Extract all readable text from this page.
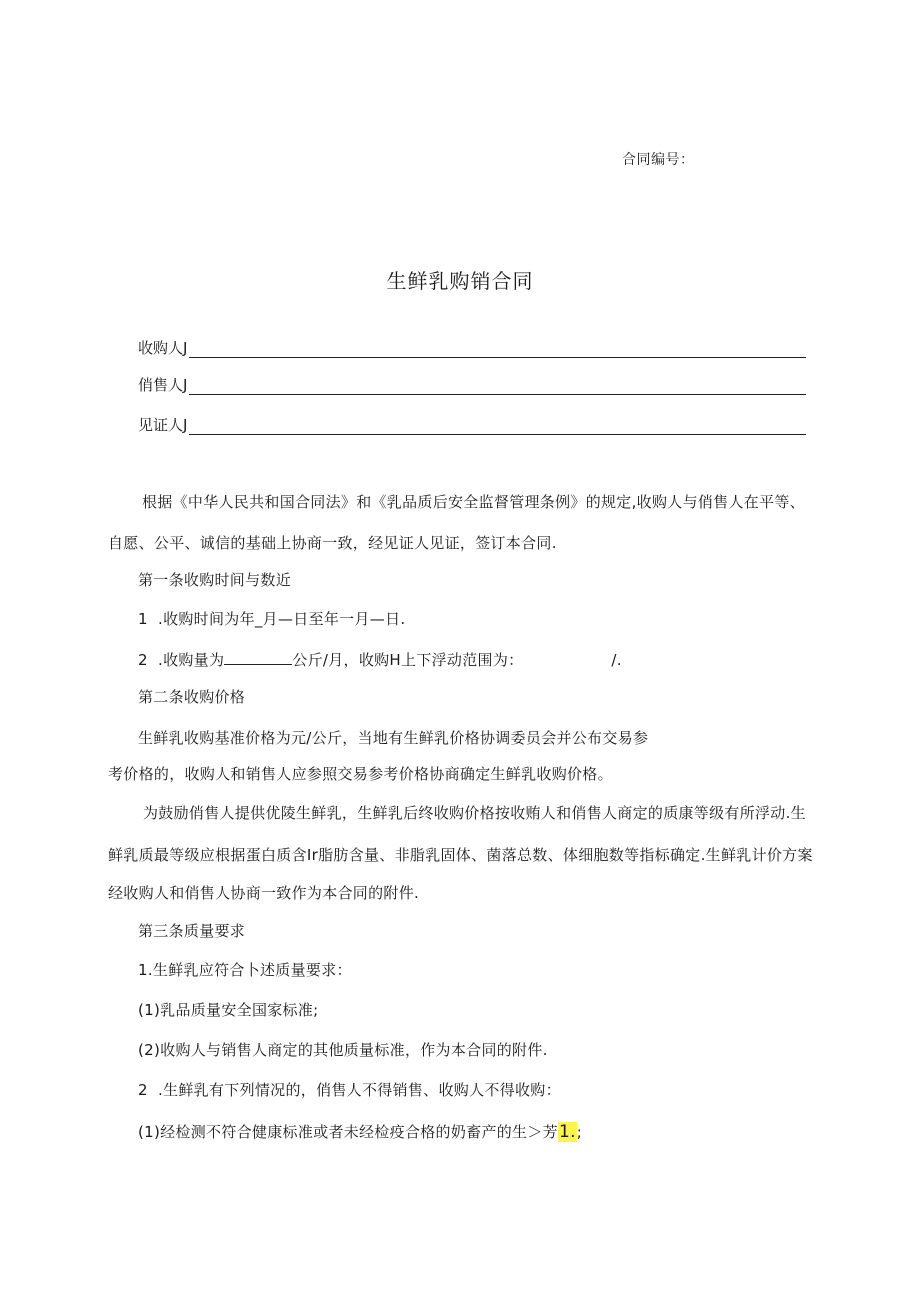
合同编号：
生鲜乳购销合同
收购人J
俏售人J
见证人J
根据《中华人民共和国合同法》和《乳品质后安全监督管理条例》的规定,收购人与俏售人在平等、
自愿、公平、诚信的基础上协商一致，经见证人见证，签订本合同.
第一条收购时间与数近
1 .收购时间为年_月—日至年一月—日.
2 .收购量为	公斤/月，收购H上下浮动范围为：	/.
第二条收购价格
生鲜乳收购基准价格为元/公斤，当地有生鲜乳价格协调委员会并公布交易参
考价格的，收购人和销售人应参照交易参考价格协商确定生鲜乳收购价格。
为鼓励俏售人提供优陵生鲜乳，生鲜乳后终收购价格按收贿人和俏售人商定的质康等级有所浮动.生
鲜乳质最等级应根据蛋白质含Ir脂肪含量、非脂乳固体、菌落总数、体细胞数等指标确定.生鲜乳计价方案
经收购人和俏售人协商一致作为本合同的附件.
第三条质量要求
1.生鲜乳应符合卜述质量要求：
(1)乳品质量安全国家标准;
(2)收购人与销售人商定的其他质量标准，作为本合同的附件.
2 .生鲜乳有下列情况的，俏售人不得销售、收购人不得收购：
(1)经检测不符合健康标准或者未经检疫合格的奶畜产的生＞芳1.;
